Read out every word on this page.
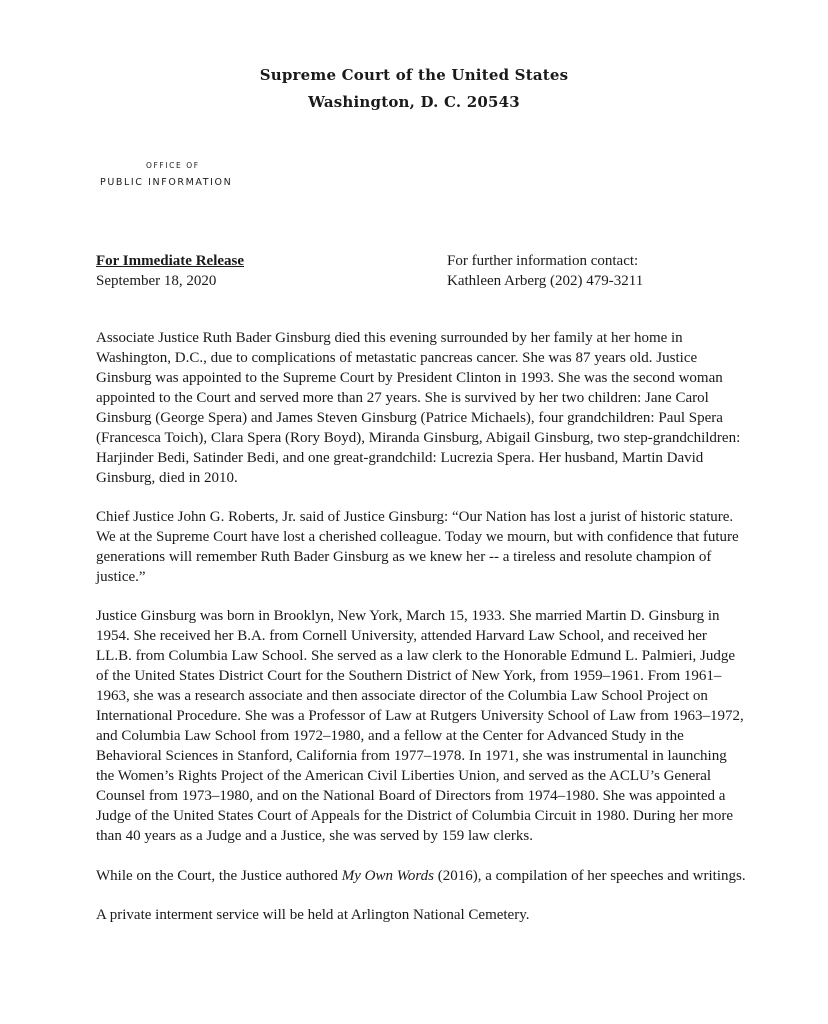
Supreme Court of the United States
Washington, D. C. 20543
OFFICE OF
PUBLIC INFORMATION
For Immediate Release
September 18, 2020
For further information contact:
Kathleen Arberg (202) 479-3211

Associate Justice Ruth Bader Ginsburg died this evening surrounded by her family at her home in Washington, D.C., due to complications of metastatic pancreas cancer. She was 87 years old. Justice Ginsburg was appointed to the Supreme Court by President Clinton in 1993. She was the second woman appointed to the Court and served more than 27 years. She is survived by her two children: Jane Carol Ginsburg (George Spera) and James Steven Ginsburg (Patrice Michaels), four grandchildren: Paul Spera (Francesca Toich), Clara Spera (Rory Boyd), Miranda Ginsburg, Abigail Ginsburg, two step-grandchildren: Harjinder Bedi, Satinder Bedi, and one great-grandchild: Lucrezia Spera. Her husband, Martin David Ginsburg, died in 2010.

Chief Justice John G. Roberts, Jr. said of Justice Ginsburg: “Our Nation has lost a jurist of historic stature. We at the Supreme Court have lost a cherished colleague. Today we mourn, but with confidence that future generations will remember Ruth Bader Ginsburg as we knew her -- a tireless and resolute champion of justice.”

Justice Ginsburg was born in Brooklyn, New York, March 15, 1933. She married Martin D. Ginsburg in 1954. She received her B.A. from Cornell University, attended Harvard Law School, and received her LL.B. from Columbia Law School. She served as a law clerk to the Honorable Edmund L. Palmieri, Judge of the United States District Court for the Southern District of New York, from 1959–1961. From 1961–1963, she was a research associate and then associate director of the Columbia Law School Project on International Procedure. She was a Professor of Law at Rutgers University School of Law from 1963–1972, and Columbia Law School from 1972–1980, and a fellow at the Center for Advanced Study in the Behavioral Sciences in Stanford, California from 1977–1978. In 1971, she was instrumental in launching the Women’s Rights Project of the American Civil Liberties Union, and served as the ACLU’s General Counsel from 1973–1980, and on the National Board of Directors from 1974–1980. She was appointed a Judge of the United States Court of Appeals for the District of Columbia Circuit in 1980. During her more than 40 years as a Judge and a Justice, she was served by 159 law clerks.

While on the Court, the Justice authored My Own Words (2016), a compilation of her speeches and writings.

A private interment service will be held at Arlington National Cemetery.
